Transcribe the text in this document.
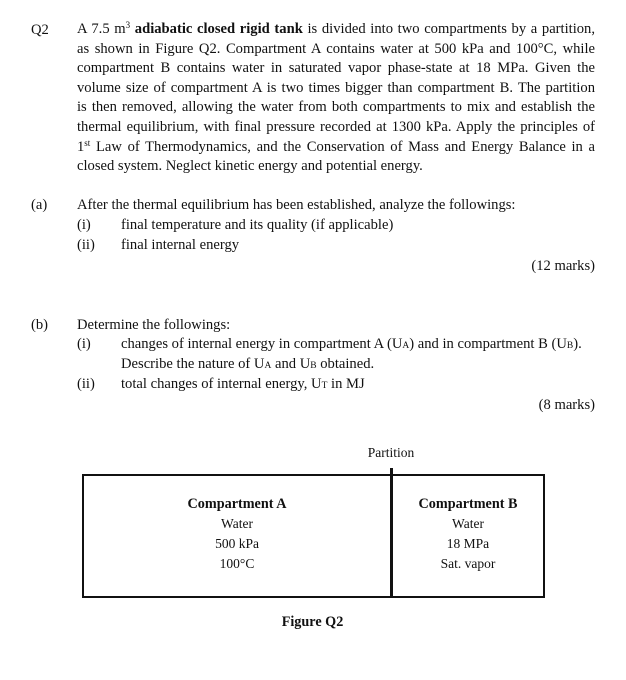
Q2 A 7.5 $m^3$ adiabatic closed rigid tank is divided into two compartments by a partition,
as shown in Figure Q2. Compartment A contains water at 500 kPa and 100°C, while
compartment B contains water in saturated vapor phase-state at 18 MPa. Given the
volume size of compartment A is two times bigger than compartment B. The partition
is then removed, allowing the water from both compartments to mix and establish the
thermal equilibrium, with final pressure recorded at 1300 kPa. Apply the principles of
1st Law of Thermodynamics, and the Conservation of Mass and Energy Balance in a
closed system. Neglect kinetic energy and potential energy.
(a) After the thermal equilibrium has been established, analyze the followings:
(i) final temperature and its quality (if applicable)
(ii) final internal energy
(12 marks)
(b) Determine the followings:
(i) changes of internal energy in compartment A (UA) and in compartment B (UB).
Describe the nature of UA and UB obtained.
(ii) total changes of internal energy, UT in MJ
(8 marks)
Partition
Compartment A
Water
500 kPa
100°C
Compartment B
Water
18 MPa
Sat. vapor
Figure Q2
